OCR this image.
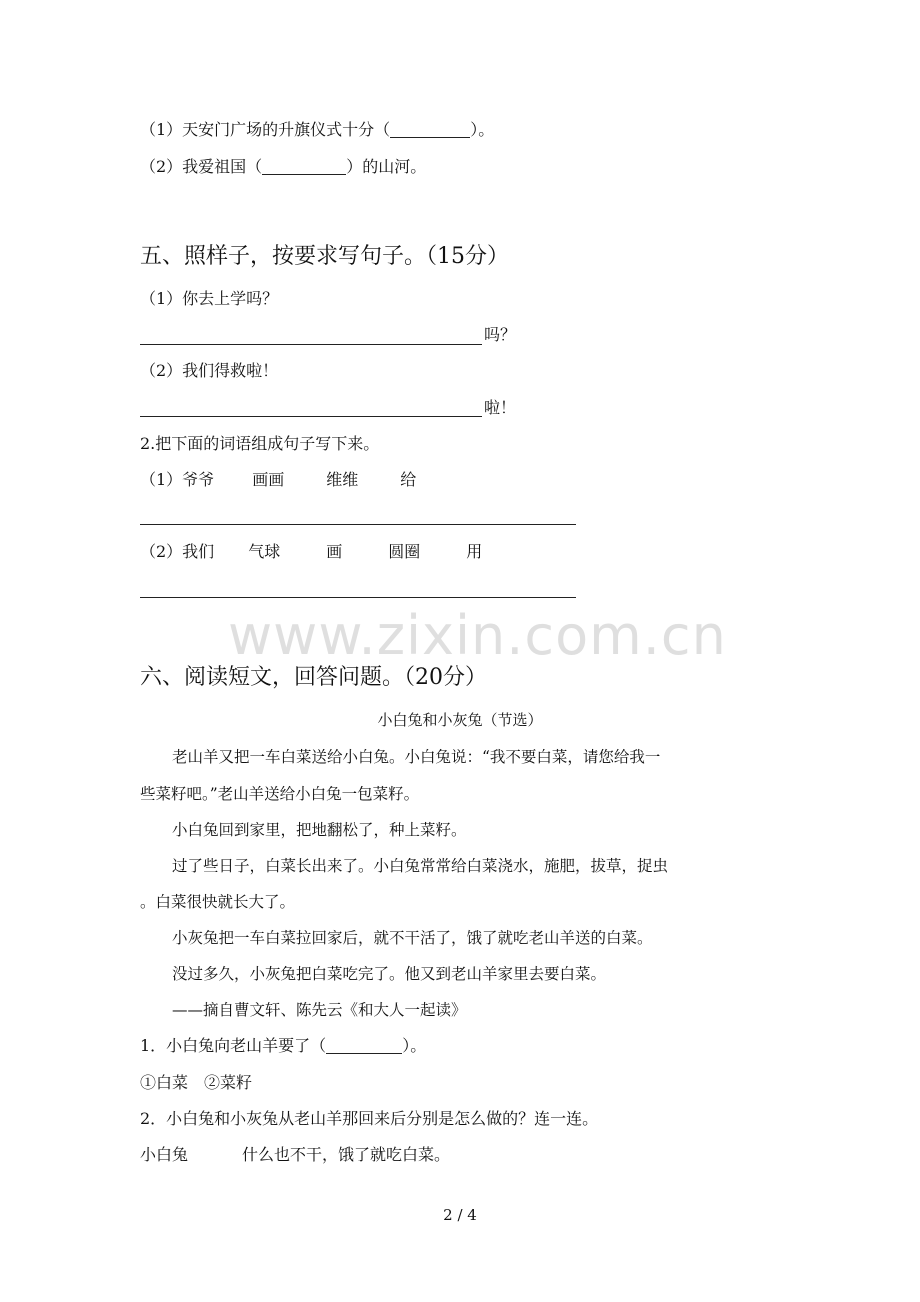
（1）天安门广场的升旗仪式十分（	）。
（2）我爱祖国（	）的山河。
五、照样子，按要求写句子。（15分）
（1）你去上学吗？
吗？
（2）我们得救啦！
啦！
2.把下面的词语组成句子写下来。
（1）爷爷 画画	维维	给
（2）我们 气球	画	圆圈	用
www.zixin.com.cn
六、阅读短文，回答问题。（20分）
小白兔和小灰兔（节选）
老山羊又把一车白菜送给小白兔。小白兔说：“我不要白菜，请您给我一
些菜籽吧。”老山羊送给小白兔一包菜籽。
小白兔回到家里，把地翻松了，种上菜籽。
过了些日子，白菜长出来了。小白兔常常给白菜浇水，施肥，拔草，捉虫
。白菜很快就长大了。
小灰兔把一车白菜拉回家后，就不干活了，饿了就吃老山羊送的白菜。
没过多久，小灰兔把白菜吃完了。他又到老山羊家里去要白菜。
——摘自曹文轩、陈先云《和大人一起读》
1．小白兔向老山羊要了（	）。
①白菜　②菜籽
2．小白兔和小灰兔从老山羊那回来后分别是怎么做的？连一连。
小白兔	什么也不干，饿了就吃白菜。
2 / 4
